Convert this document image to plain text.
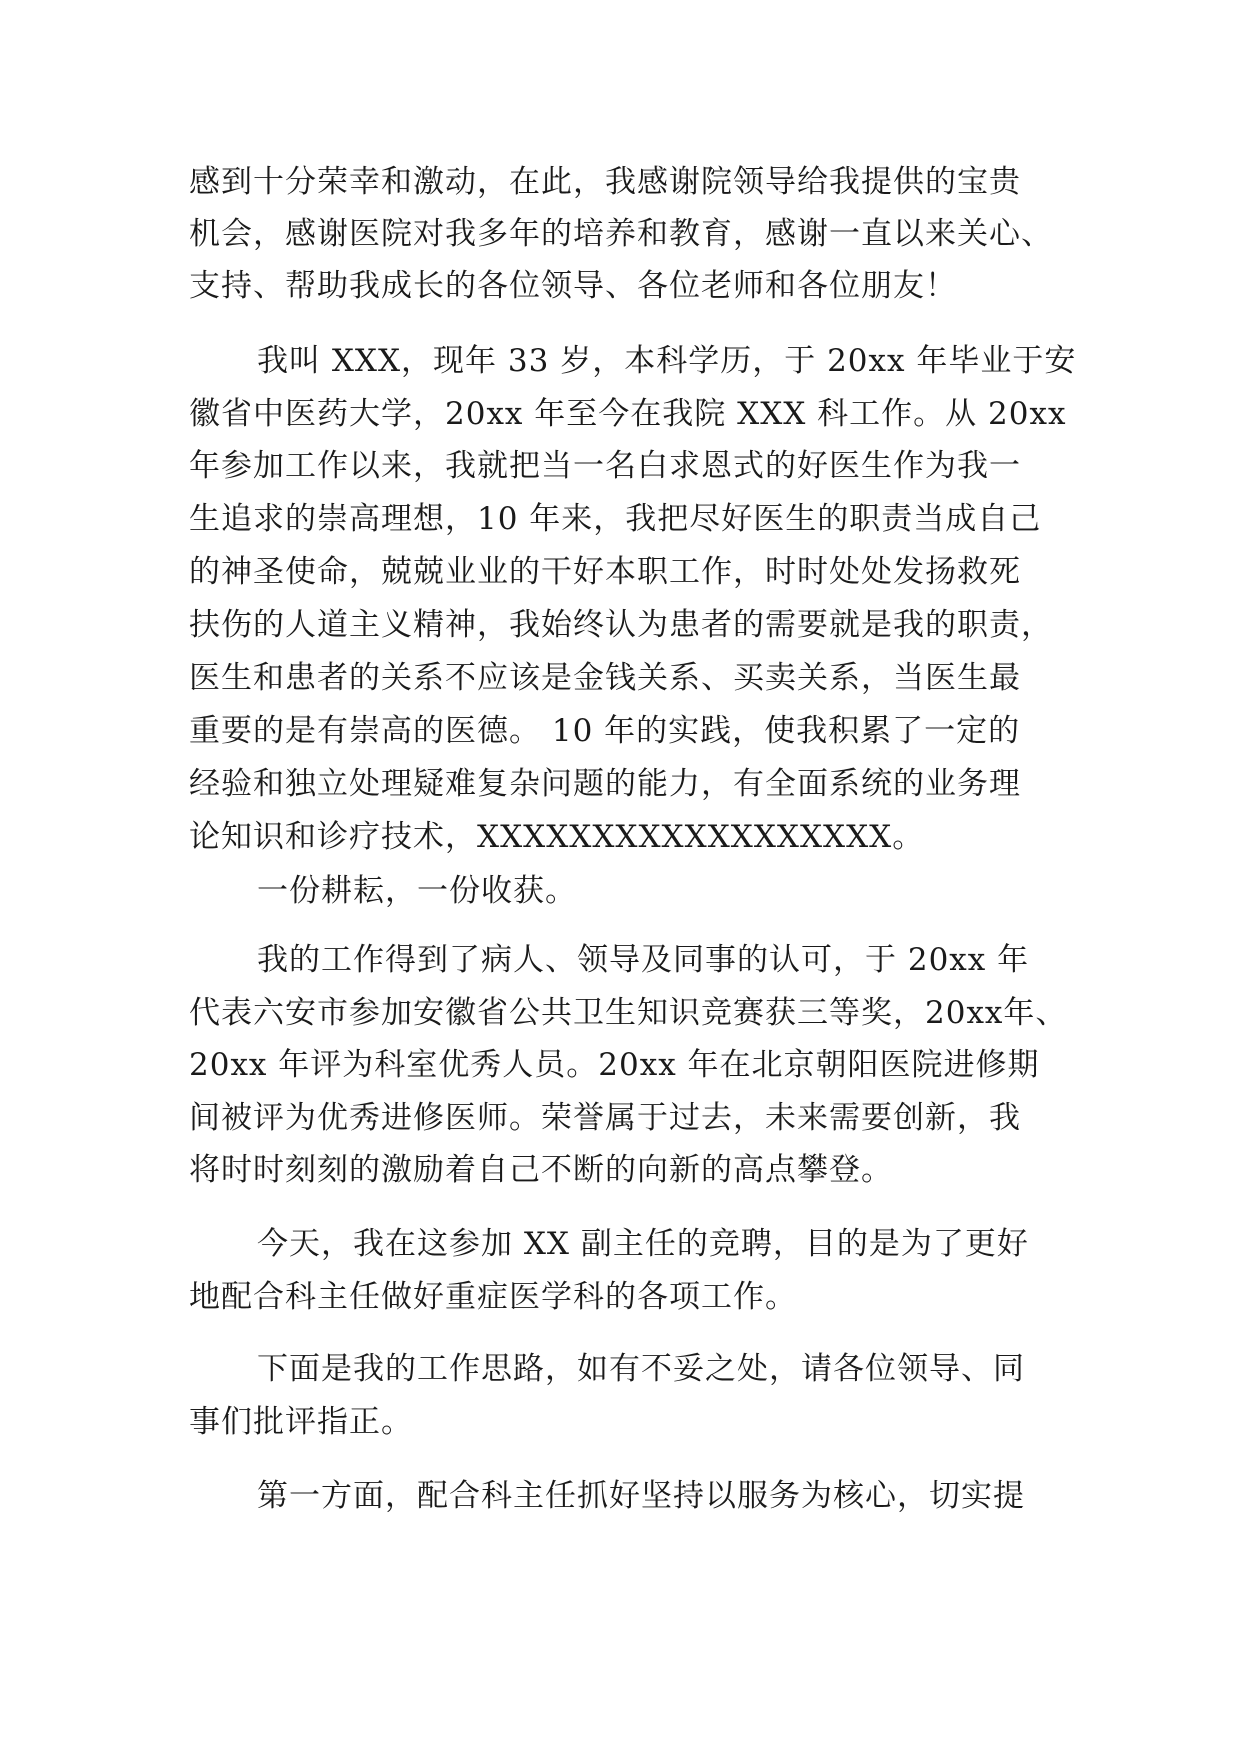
感到十分荣幸和激动，在此，我感谢院领导给我提供的宝贵

机会，感谢医院对我多年的培养和教育，感谢一直以来关心、

支持、帮助我成长的各位领导、各位老师和各位朋友！

我叫 XXX，现年 33 岁，本科学历，于 20xx 年毕业于安

徽省中医药大学，20xx 年至今在我院 XXX 科工作。从 20xx

年参加工作以来，我就把当一名白求恩式的好医生作为我一

生追求的崇高理想，10 年来，我把尽好医生的职责当成自己

的神圣使命，兢兢业业的干好本职工作，时时处处发扬救死

扶伤的人道主义精神，我始终认为患者的需要就是我的职责，

医生和患者的关系不应该是金钱关系、买卖关系，当医生最

重要的是有崇高的医德。 10 年的实践，使我积累了一定的

经验和独立处理疑难复杂问题的能力，有全面系统的业务理

论知识和诊疗技术，XXXXXXXXXXXXXXXXXX。

一份耕耘，一份收获。

我的工作得到了病人、领导及同事的认可，于 20xx 年

代表六安市参加安徽省公共卫生知识竞赛获三等奖，20xx年、

20xx 年评为科室优秀人员。20xx 年在北京朝阳医院进修期

间被评为优秀进修医师。荣誉属于过去，未来需要创新，我

将时时刻刻的激励着自己不断的向新的高点攀登。

今天，我在这参加 XX 副主任的竞聘，目的是为了更好

地配合科主任做好重症医学科的各项工作。

下面是我的工作思路，如有不妥之处，请各位领导、同

事们批评指正。

第一方面，配合科主任抓好坚持以服务为核心，切实提
